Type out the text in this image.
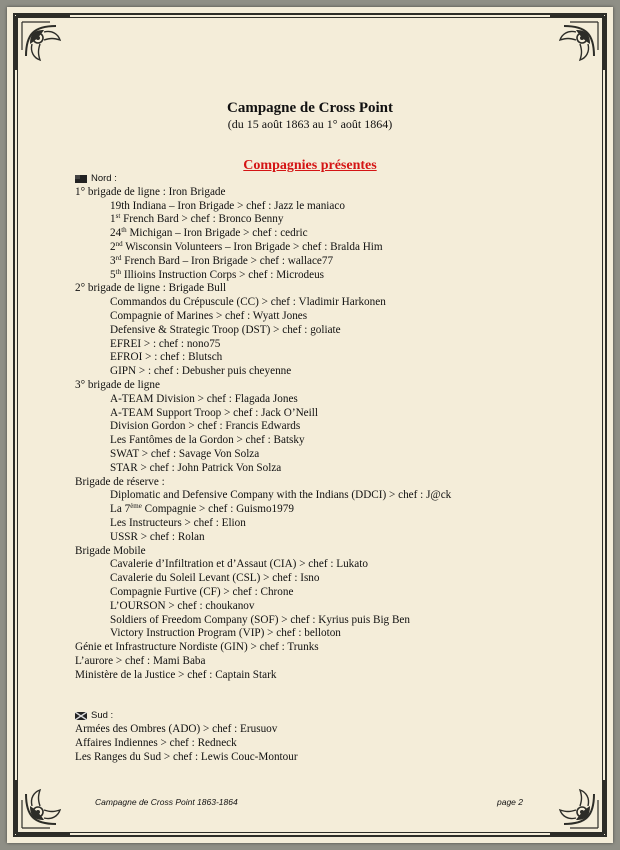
Campagne de Cross Point
(du 15 août 1863 au 1° août 1864)
Compagnies présentes
Nord :
1° brigade de ligne : Iron Brigade
19th Indiana – Iron Brigade > chef : Jazz le maniaco
1st French Bard > chef : Bronco Benny
24th Michigan – Iron Brigade > chef : cedric
2nd Wisconsin Volunteers – Iron Brigade > chef : Bralda Him
3rd French Bard – Iron Brigade > chef : wallace77
5th Illioins Instruction Corps > chef : Microdeus
2° brigade de ligne : Brigade Bull
Commandos du Crépuscule (CC) > chef : Vladimir Harkonen
Compagnie of Marines > chef : Wyatt Jones
Defensive & Strategic Troop (DST) > chef : goliate
EFREI > : chef : nono75
EFROI > : chef : Blutsch
GIPN > : chef : Debusher puis cheyenne
3° brigade de ligne
A-TEAM Division > chef : Flagada Jones
A-TEAM Support Troop > chef : Jack O’Neill
Division Gordon > chef : Francis Edwards
Les Fantômes de la Gordon > chef : Batsky
SWAT > chef : Savage Von Solza
STAR > chef : John Patrick Von Solza
Brigade de réserve :
Diplomatic and Defensive Company with the Indians (DDCI) > chef : J@ck
La 7ème Compagnie > chef : Guismo1979
Les Instructeurs > chef : Elion
USSR > chef : Rolan
Brigade Mobile
Cavalerie d’Infiltration et d’Assaut (CIA) > chef : Lukato
Cavalerie du Soleil Levant (CSL) > chef : Isno
Compagnie Furtive (CF) > chef : Chrone
L’OURSON > chef : choukanov
Soldiers of Freedom Company (SOF) > chef : Kyrius puis Big Ben
Victory Instruction Program (VIP) > chef : belloton
Génie et Infrastructure Nordiste (GIN) > chef : Trunks
L’aurore > chef : Mami Baba
Ministère de la Justice > chef : Captain Stark
Sud :
Armées des Ombres (ADO) > chef : Erusuov
Affaires Indiennes > chef : Redneck
Les Ranges du Sud > chef : Lewis Couc-Montour
Campagne de Cross Point 1863-1864	page 2
